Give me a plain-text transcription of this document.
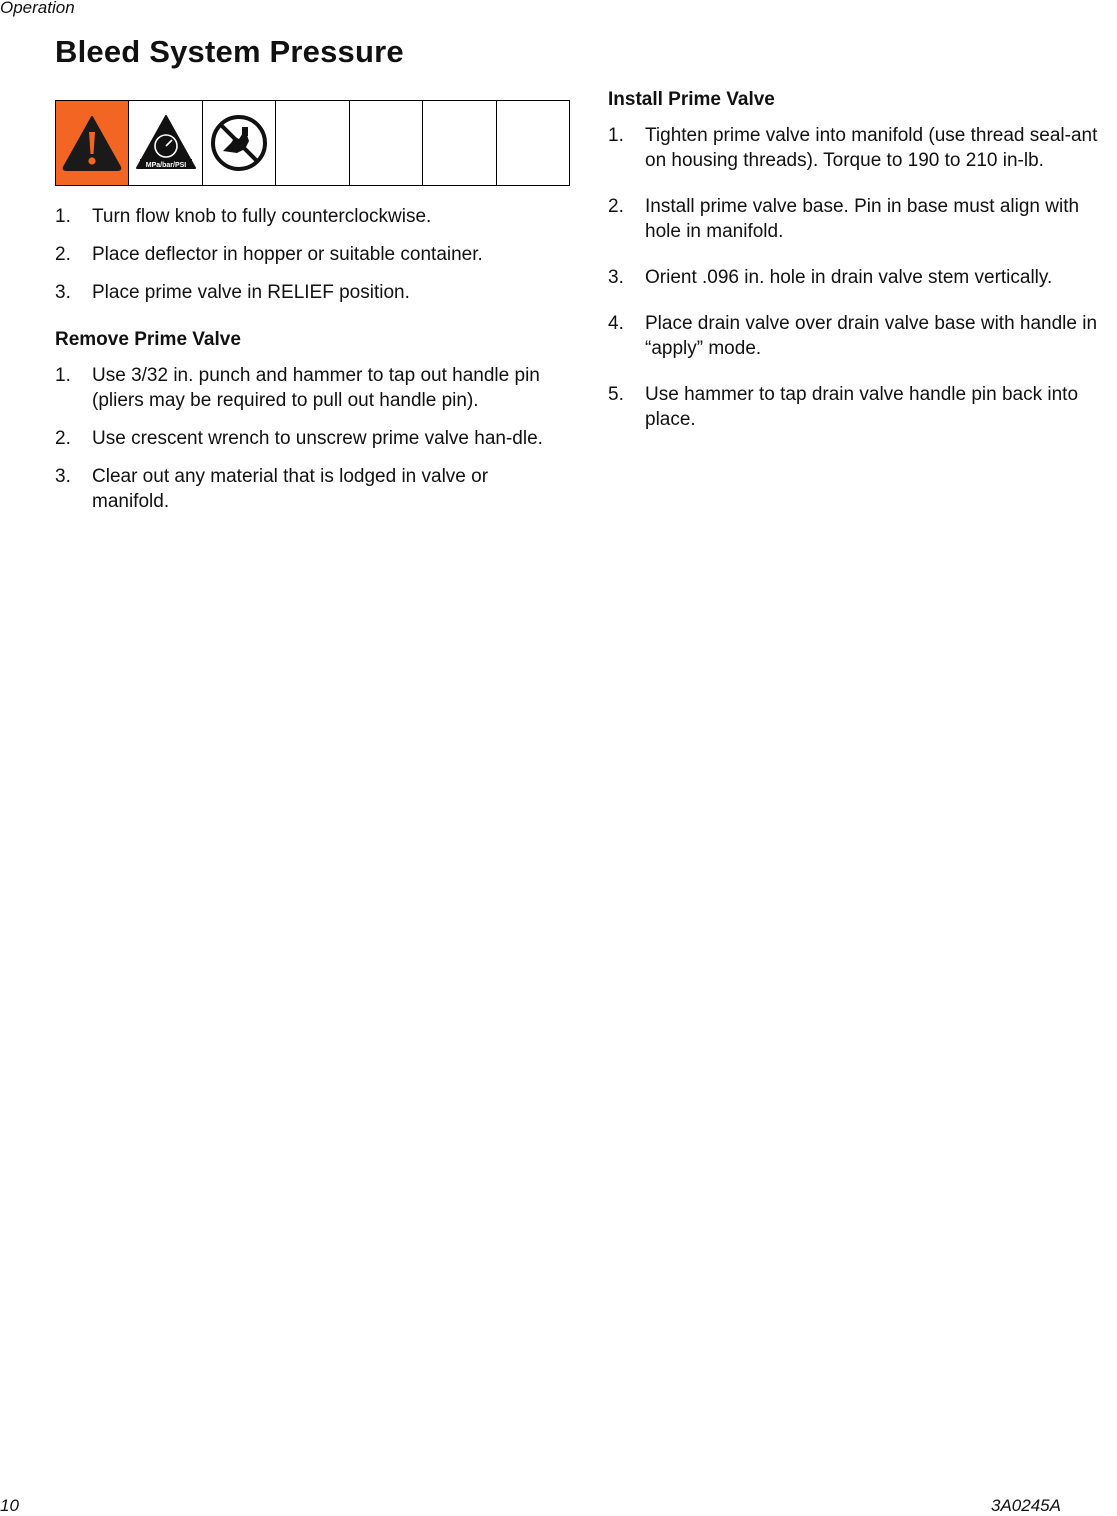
Operation
Bleed System Pressure

MPa/bar/PSI

1. Turn flow knob to fully counterclockwise.
2. Place deflector in hopper or suitable container.
3. Place prime valve in RELIEF position.
Remove Prime Valve
1. Use 3/32 in. punch and hammer to tap out handle pin (pliers may be required to pull out handle pin).
2. Use crescent wrench to unscrew prime valve han-dle.
3. Clear out any material that is lodged in valve or manifold.
Install Prime Valve
1. Tighten prime valve into manifold (use thread seal-ant on housing threads). Torque to 190 to 210 in-lb.
2. Install prime valve base. Pin in base must align with hole in manifold.
3. Orient .096 in. hole in drain valve stem vertically.
4. Place drain valve over drain valve base with handle in “apply” mode.
5. Use hammer to tap drain valve handle pin back into place.
10	3A0245A
